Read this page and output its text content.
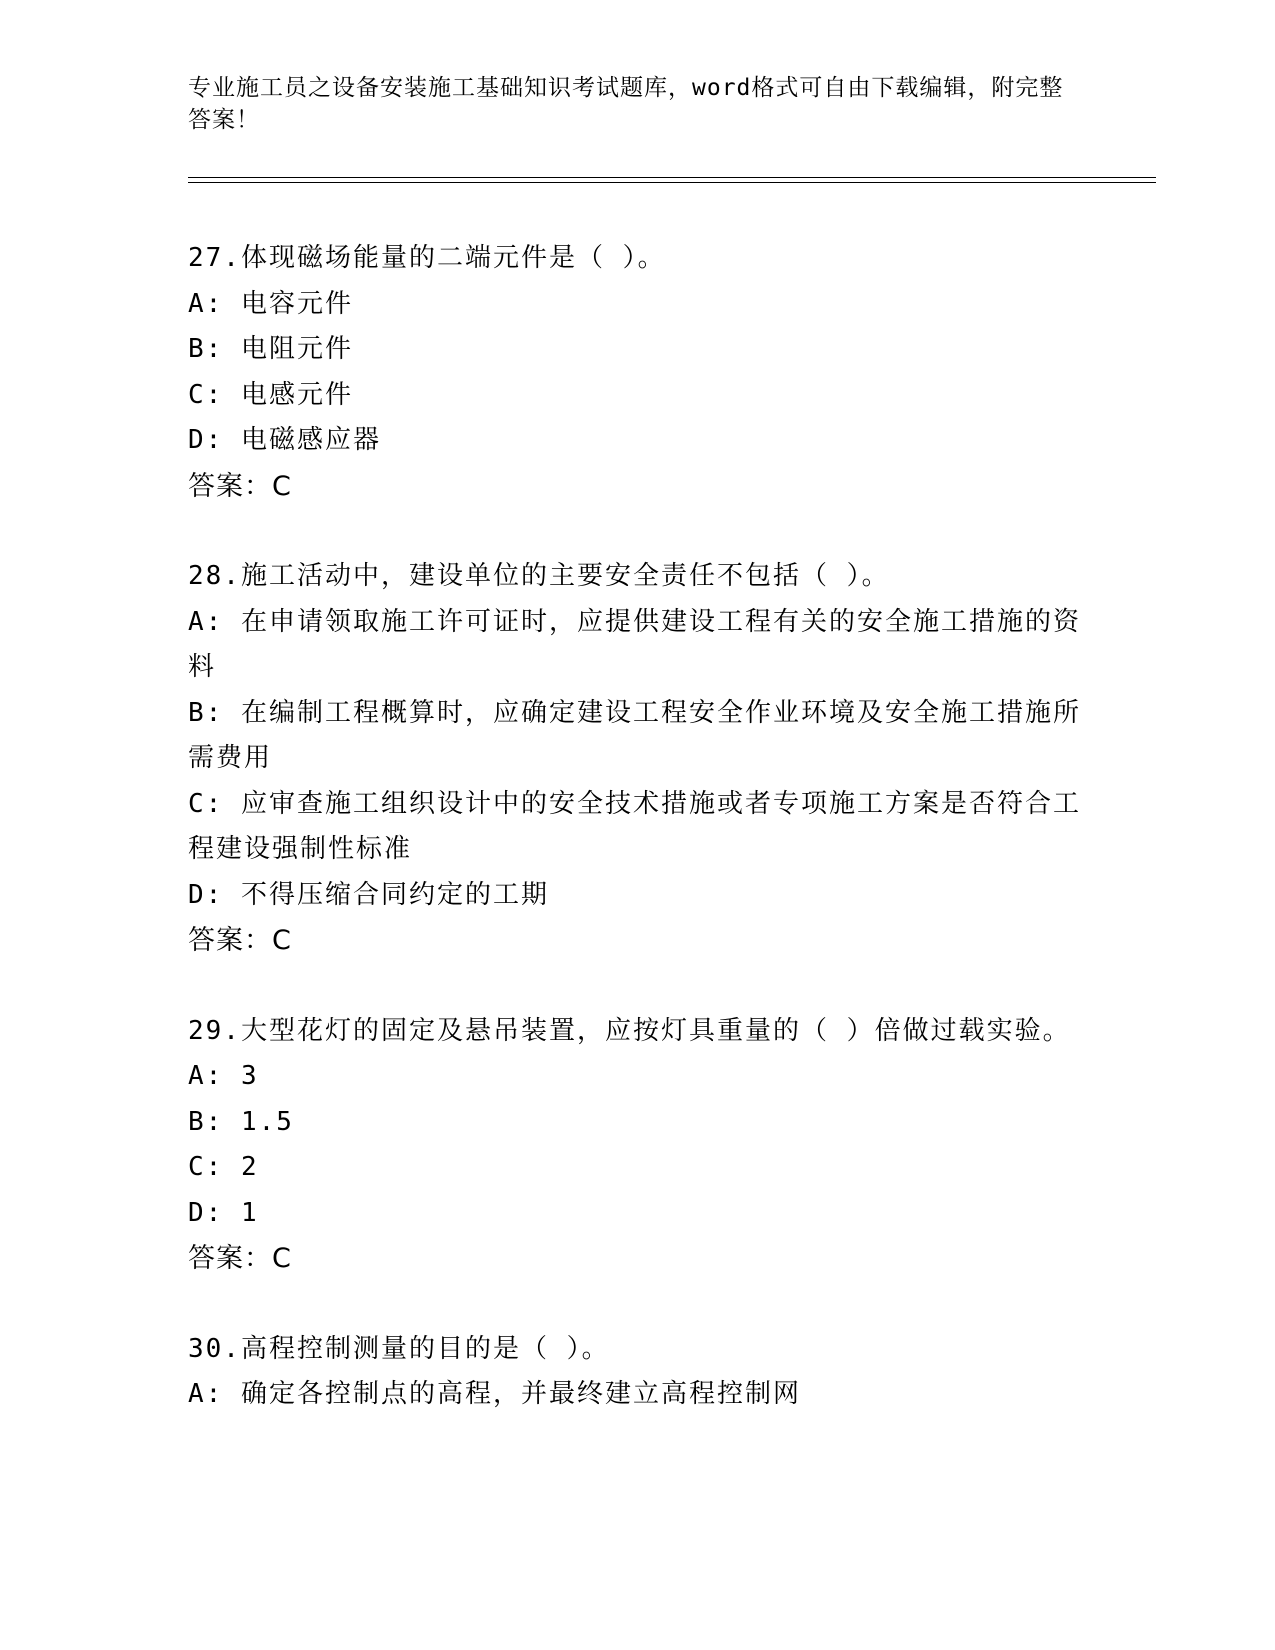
专业施工员之设备安装施工基础知识考试题库，word格式可自由下载编辑，附完整答案！
27.体现磁场能量的二端元件是（ ）。
A: 电容元件
B: 电阻元件
C: 电感元件
D: 电磁感应器
答案：C
28.施工活动中，建设单位的主要安全责任不包括（ ）。
A: 在申请领取施工许可证时，应提供建设工程有关的安全施工措施的资料
B: 在编制工程概算时，应确定建设工程安全作业环境及安全施工措施所需费用
C: 应审查施工组织设计中的安全技术措施或者专项施工方案是否符合工程建设强制性标准
D: 不得压缩合同约定的工期
答案：C
29.大型花灯的固定及悬吊装置，应按灯具重量的（ ）倍做过载实验。
A: 3
B: 1.5
C: 2
D: 1
答案：C
30.高程控制测量的目的是（ ）。
A: 确定各控制点的高程，并最终建立高程控制网
